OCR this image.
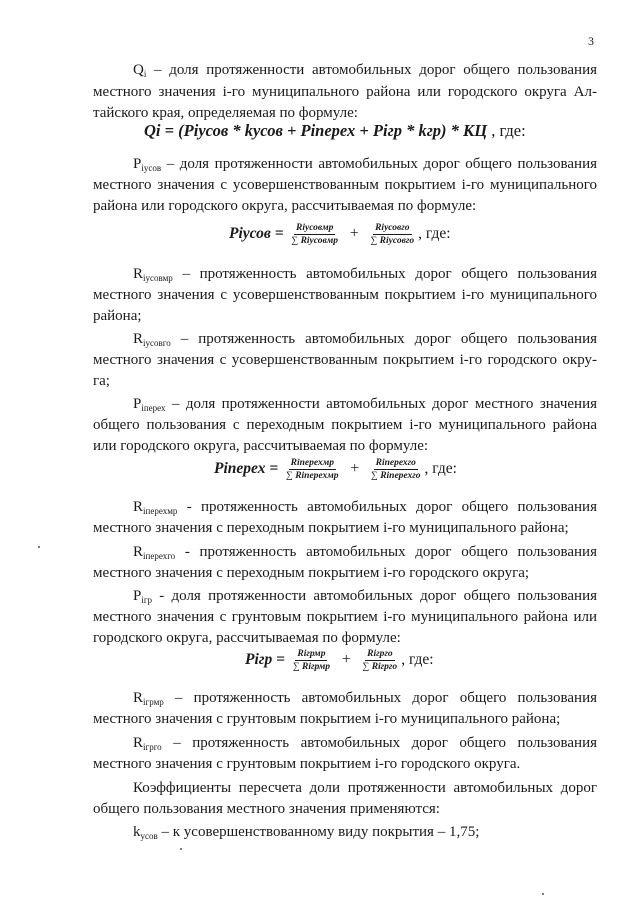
3
$Q_i$ – доля протяженности автомобильных дорог общего пользования
местного значения i-го муниципального района или городского округа Ал-
тайского края, определяемая по формуле:
Qi = (Piусов * kусов + Piперех + Piгр * kгр) * КЦ , где:
$P_{iусов}$ – доля протяженности автомобильных дорог общего пользования
местного значения с усовершенствованным покрытием i-го муниципального
района или городского округа, рассчитываемая по формуле:
Piусов = $\frac{\text{Riусовмр}}{\text{∑ Riусовмр}} + \frac{\text{Riусовго}}{\text{∑ Riусовго}}$ , где:
$R_{iусовмр}$ – протяженность автомобильных дорог общего пользования
местного значения с усовершенствованным покрытием i-го муниципального
района;
$R_{iусовго}$ – протяженность автомобильных дорог общего пользования
местного значения с усовершенствованным покрытием i-го городского окру-
га;
$P_{iперех}$ – доля протяженности автомобильных дорог местного значения
общего пользования с переходным покрытием i-го муниципального района
или городского округа, рассчитываемая по формуле:
Piперех = $\frac{\text{Riперехмр}}{\text{∑ Riперехмр}} + \frac{\text{Riперехго}}{\text{∑ Riперехго}}$ , где:
$R_{iперехмр}$ - протяженность автомобильных дорог общего пользования
местного значения с переходным покрытием i-го муниципального района;
$R_{iперехго}$ - протяженность автомобильных дорог общего пользования
местного значения с переходным покрытием i-го городского округа;
$P_{iгр}$ - доля протяженности автомобильных дорог общего пользования
местного значения с грунтовым покрытием i-го муниципального района или
городского округа, рассчитываемая по формуле:
Piгр = $\frac{\text{Riгрмр}}{\text{∑ Riгрмр}} + \frac{\text{Riгрго}}{\text{∑ Riгрго}}$ , где:
$R_{iгрмр}$ – протяженность автомобильных дорог общего пользования
местного значения с грунтовым покрытием i-го муниципального района;
$R_{iгрго}$ – протяженность автомобильных дорог общего пользования
местного значения с грунтовым покрытием i-го городского округа.
Коэффициенты пересчета доли протяженности автомобильных дорог
общего пользования местного значения применяются:
$k_{усов}$ – к усовершенствованному виду покрытия – 1,75;
